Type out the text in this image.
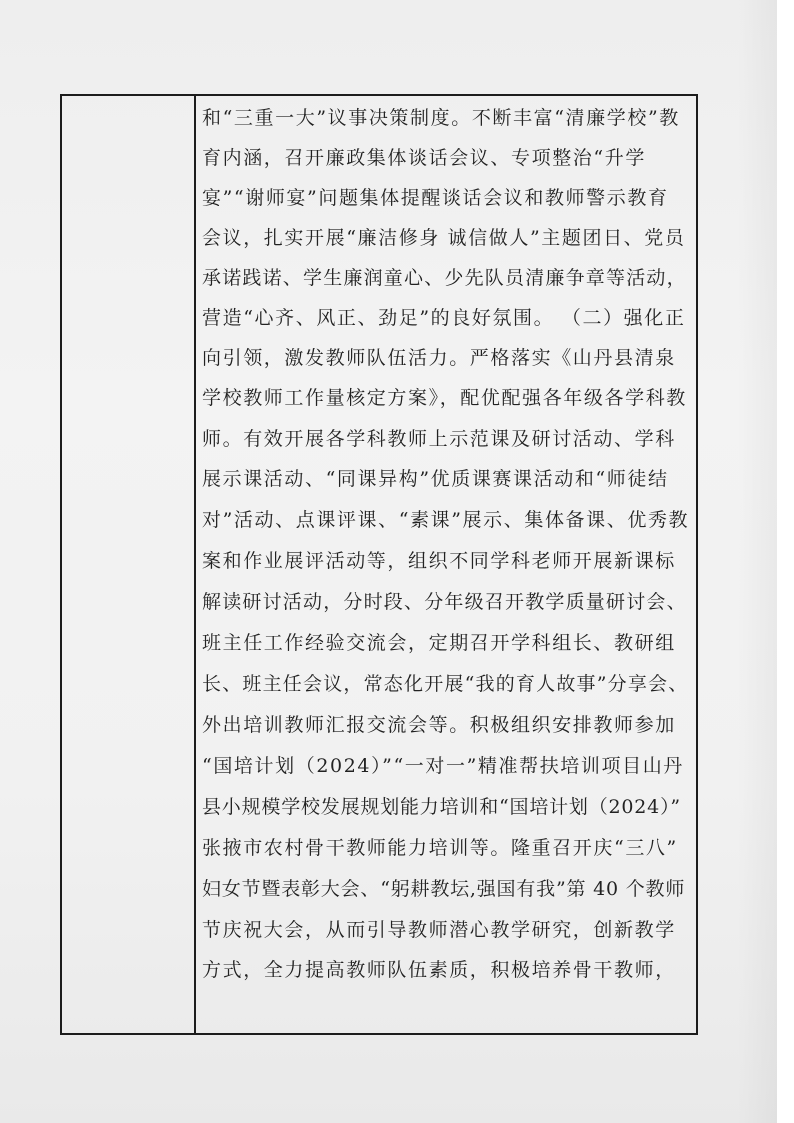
和“三重一大”议事决策制度。不断丰富“清廉学校”教
育内涵，召开廉政集体谈话会议、专项整治“升学
宴”“谢师宴”问题集体提醒谈话会议和教师警示教育
会议，扎实开展“廉洁修身 诚信做人”主题团日、党员
承诺践诺、学生廉润童心、少先队员清廉争章等活动，
营造“心齐、风正、劲足”的良好氛围。 （二）强化正
向引领，激发教师队伍活力。严格落实《山丹县清泉
学校教师工作量核定方案》，配优配强各年级各学科教
师。有效开展各学科教师上示范课及研讨活动、学科
展示课活动、“同课异构”优质课赛课活动和“师徒结
对”活动、点课评课、“素课”展示、集体备课、优秀教
案和作业展评活动等，组织不同学科老师开展新课标
解读研讨活动，分时段、分年级召开教学质量研讨会、
班主任工作经验交流会，定期召开学科组长、教研组
长、班主任会议，常态化开展“我的育人故事”分享会、
外出培训教师汇报交流会等。积极组织安排教师参加
“国培计划（2024）”“一对一”精准帮扶培训项目山丹
县小规模学校发展规划能力培训和“国培计划（2024）”
张掖市农村骨干教师能力培训等。隆重召开庆“三八”
妇女节暨表彰大会、“躬耕教坛,强国有我”第 40 个教师
节庆祝大会，从而引导教师潜心教学研究，创新教学
方式，全力提高教师队伍素质，积极培养骨干教师，
